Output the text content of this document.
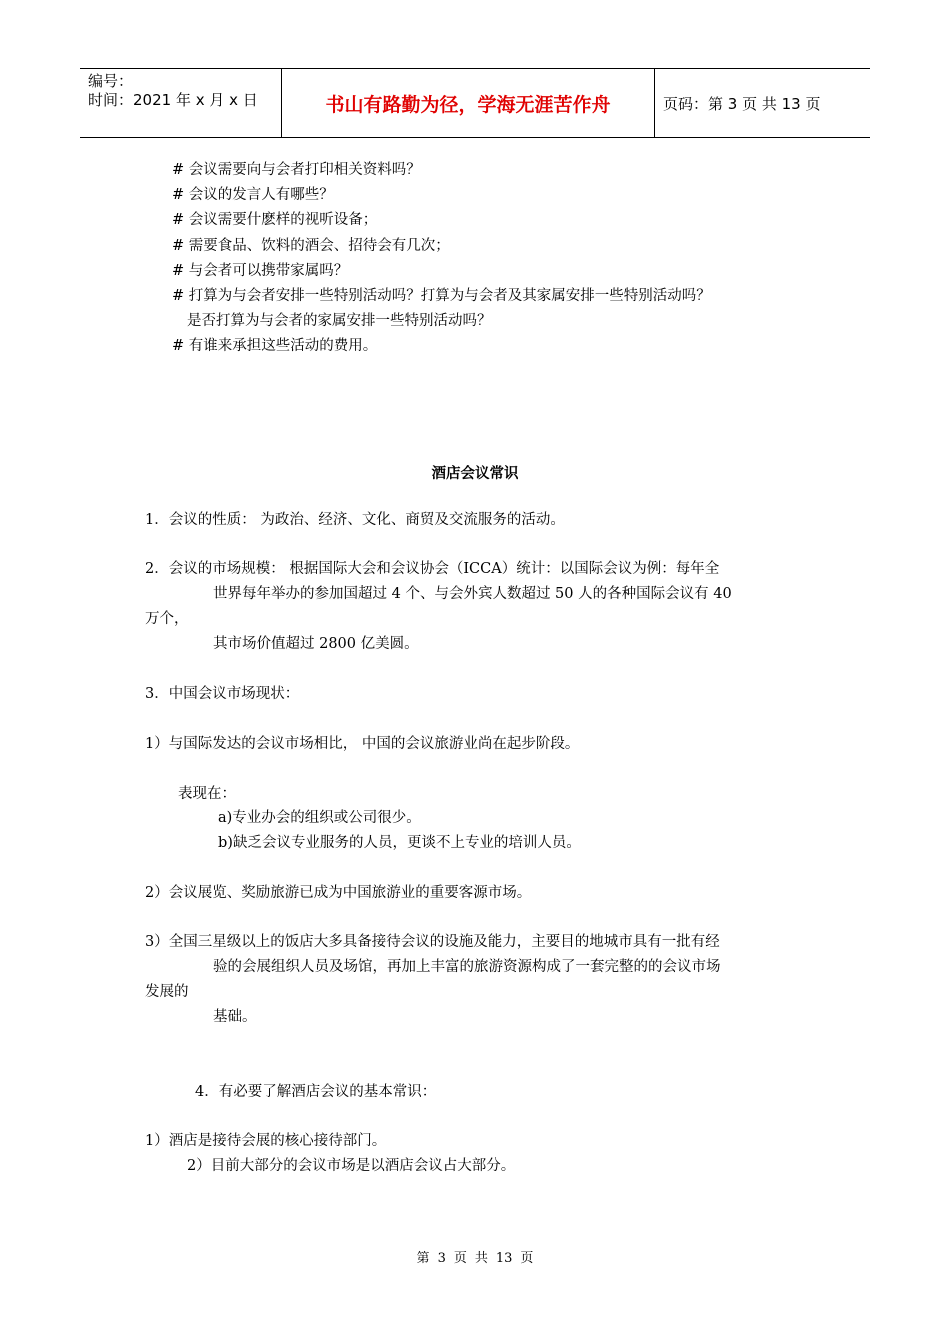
编号：
时间：2021 年 x 月 x 日	书山有路勤为径，学海无涯苦作舟	页码：第 3 页 共 13 页
# 会议需要向与会者打印相关资料吗？
# 会议的发言人有哪些？
# 会议需要什麽样的视听设备；
# 需要食品、饮料的酒会、招待会有几次；
# 与会者可以携带家属吗？
# 打算为与会者安排一些特别活动吗？打算为与会者及其家属安排一些特别活动吗？
是否打算为与会者的家属安排一些特别活动吗？
# 有谁来承担这些活动的费用。
酒店会议常识
1．会议的性质： 为政治、经济、文化、商贸及交流服务的活动。
2．会议的市场规模： 根据国际大会和会议协会（ICCA）统计：以国际会议为例：每年全
世界每年举办的参加国超过 4 个、与会外宾人数超过 50 人的各种国际会议有 40
万个，
其市场价值超过 2800 亿美圆。
3．中国会议市场现状：
1）与国际发达的会议市场相比， 中国的会议旅游业尚在起步阶段。
表现在：
a)专业办会的组织或公司很少。
b)缺乏会议专业服务的人员，更谈不上专业的培训人员。
2）会议展览、奖励旅游已成为中国旅游业的重要客源市场。
3）全国三星级以上的饭店大多具备接待会议的设施及能力，主要目的地城市具有一批有经
验的会展组织人员及场馆，再加上丰富的旅游资源构成了一套完整的的会议市场
发展的
基础。
4．有必要了解酒店会议的基本常识：
1）酒店是接待会展的核心接待部门。
2）目前大部分的会议市场是以酒店会议占大部分。
第 3 页 共 13 页
